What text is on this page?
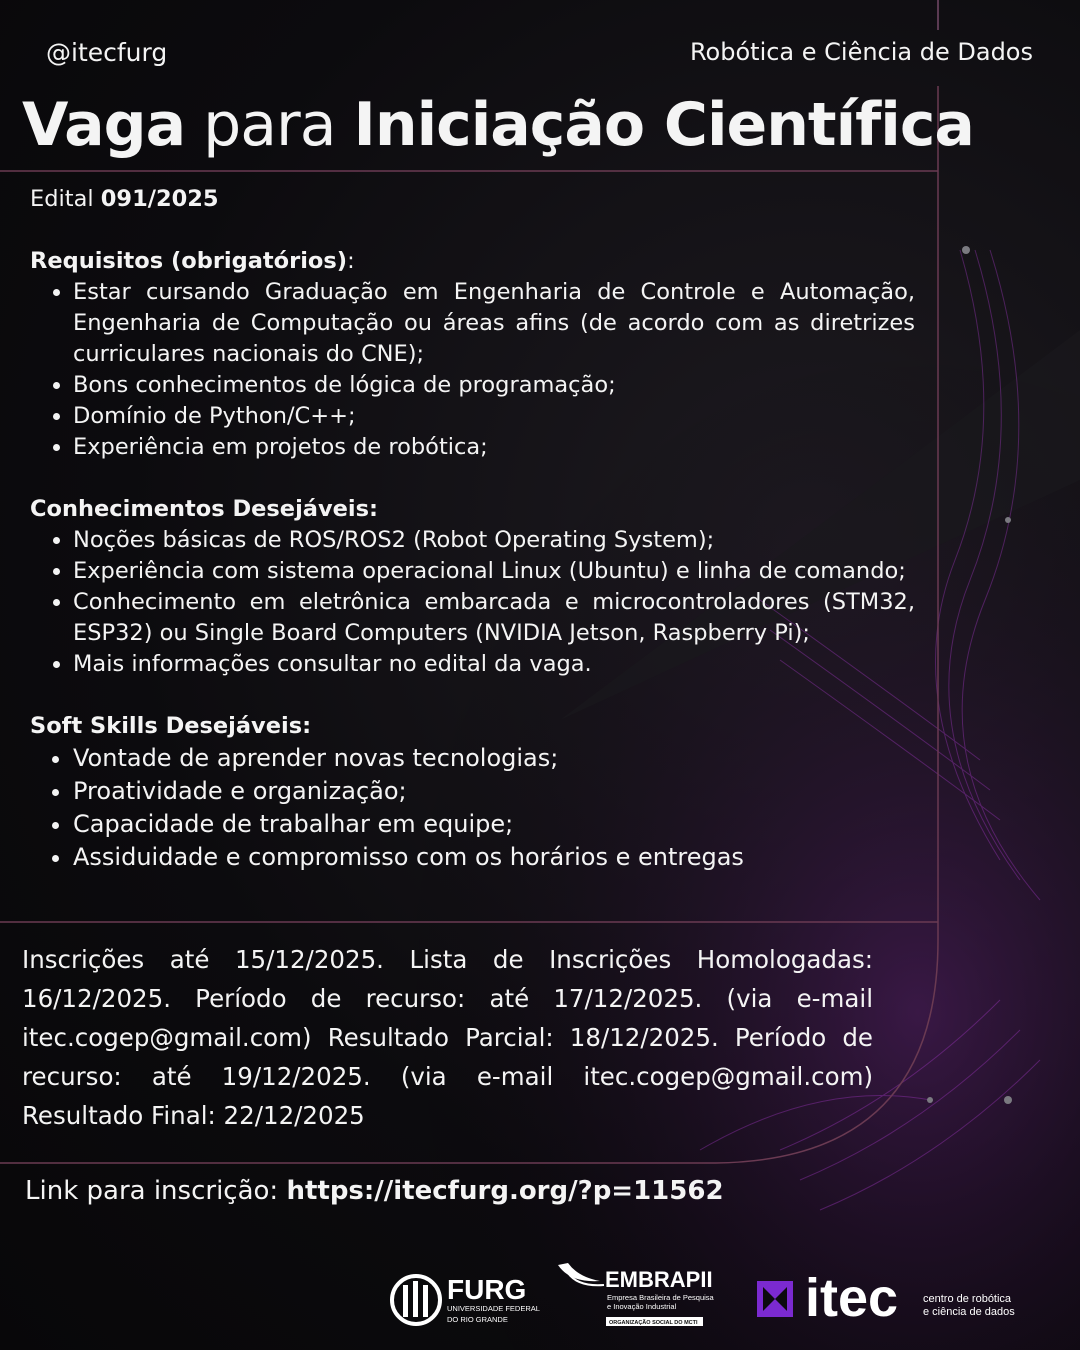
@itecfurg	Robótica e Ciência de Dados
Vaga para Iniciação Científica

Edital 091/2025

Requisitos (obrigatórios):

• Estar cursando Graduação em Engenharia de Controle e Automação, Engenharia de Computação ou áreas afins (de acordo com as diretrizes curriculares nacionais do CNE);
• Bons conhecimentos de lógica de programação;
• Domínio de Python/C++;
• Experiência em projetos de robótica;

Conhecimentos Desejáveis:

• Noções básicas de ROS/ROS2 (Robot Operating System);
• Experiência com sistema operacional Linux (Ubuntu) e linha de comando;
• Conhecimento em eletrônica embarcada e microcontroladores (STM32, ESP32) ou Single Board Computers (NVIDIA Jetson, Raspberry Pi);
• Mais informações consultar no edital da vaga.

Soft Skills Desejáveis:

• Vontade de aprender novas tecnologias;
• Proatividade e organização;
• Capacidade de trabalhar em equipe;
• Assiduidade e compromisso com os horários e entregas
Inscrições até 15/12/2025. Lista de Inscrições Homologadas: 16/12/2025. Período de recurso: até 17/12/2025. (via e-mail itec.cogep@gmail.com) Resultado Parcial: 18/12/2025. Período de recurso: até 19/12/2025. (via e-mail itec.cogep@gmail.com) Resultado Final: 22/12/2025
Link para inscrição: https://itecfurg.org/?p=11562
FURG
UNIVERSIDADE FEDERAL
DO RIO GRANDE
EMBRAPII
Empresa Brasileira de Pesquisa
e Inovação Industrial
ORGANIZAÇÃO SOCIAL DO MCTI itec centro de robótica
e ciência de dados
